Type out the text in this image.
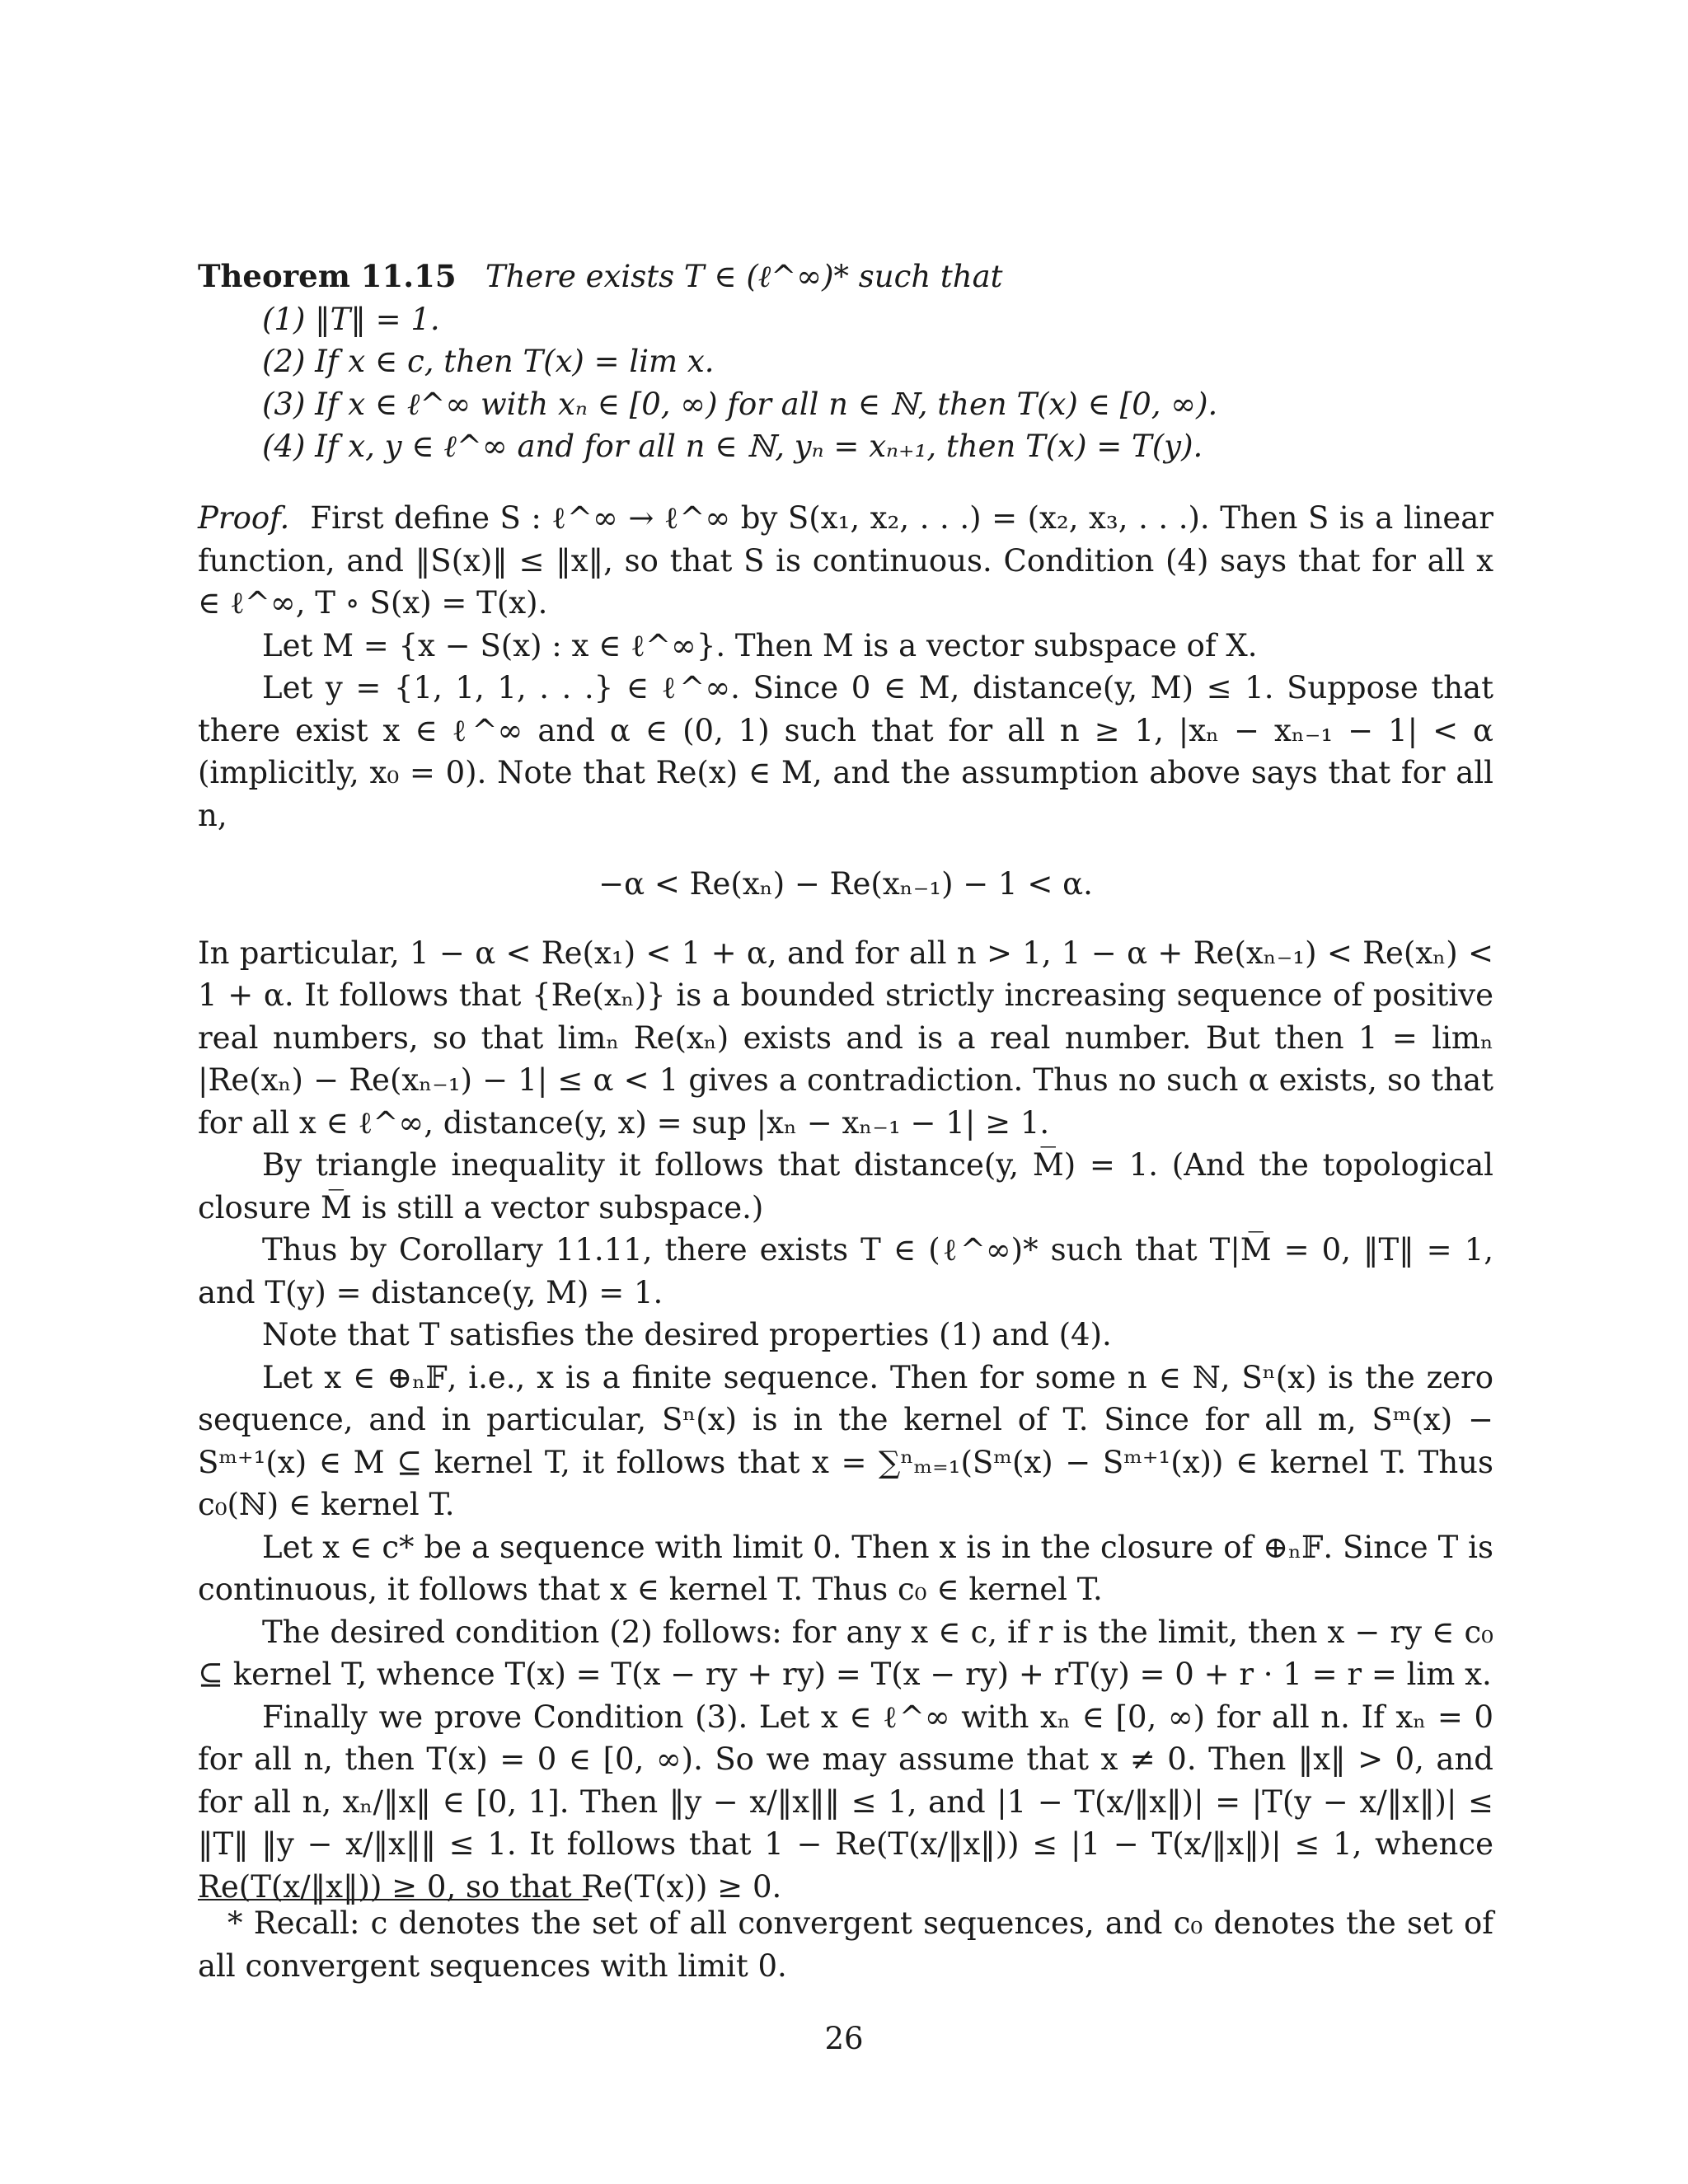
Theorem 11.15 There exists T ∈ (ℓ^∞)* such that

(1) ‖T‖ = 1.

(2) If x ∈ c, then T(x) = lim x.

(3) If x ∈ ℓ^∞ with xₙ ∈ [0, ∞) for all n ∈ ℕ, then T(x) ∈ [0, ∞).

(4) If x, y ∈ ℓ^∞ and for all n ∈ ℕ, yₙ = xₙ₊₁, then T(x) = T(y).

Proof. First define S : ℓ^∞ → ℓ^∞ by S(x₁, x₂, . . .) = (x₂, x₃, . . .). Then S is a linear function, and ‖S(x)‖ ≤ ‖x‖, so that S is continuous. Condition (4) says that for all x ∈ ℓ^∞, T ∘ S(x) = T(x).

Let M = {x − S(x) : x ∈ ℓ^∞}. Then M is a vector subspace of X.

Let y = {1, 1, 1, . . .} ∈ ℓ^∞. Since 0 ∈ M, distance(y, M) ≤ 1. Suppose that there exist x ∈ ℓ^∞ and α ∈ (0, 1) such that for all n ≥ 1, |xₙ − xₙ₋₁ − 1| < α (implicitly, x₀ = 0). Note that Re(x) ∈ M, and the assumption above says that for all n,

−α < Re(xₙ) − Re(xₙ₋₁) − 1 < α.

In particular, 1 − α < Re(x₁) < 1 + α, and for all n > 1, 1 − α + Re(xₙ₋₁) < Re(xₙ) < 1 + α. It follows that {Re(xₙ)} is a bounded strictly increasing sequence of positive real numbers, so that limₙ Re(xₙ) exists and is a real number. But then 1 = limₙ |Re(xₙ) − Re(xₙ₋₁) − 1| ≤ α < 1 gives a contradiction. Thus no such α exists, so that for all x ∈ ℓ^∞, distance(y, x) = sup |xₙ − xₙ₋₁ − 1| ≥ 1.

By triangle inequality it follows that distance(y, M̅) = 1. (And the topological closure M̅ is still a vector subspace.)

Thus by Corollary 11.11, there exists T ∈ (ℓ^∞)* such that T|M̅ = 0, ‖T‖ = 1, and T(y) = distance(y, M) = 1.

Note that T satisfies the desired properties (1) and (4).

Let x ∈ ⊕ₙ𝔽, i.e., x is a finite sequence. Then for some n ∈ ℕ, Sⁿ(x) is the zero sequence, and in particular, Sⁿ(x) is in the kernel of T. Since for all m, Sᵐ(x) − Sᵐ⁺¹(x) ∈ M ⊆ kernel T, it follows that x = ∑ⁿₘ₌₁(Sᵐ(x) − Sᵐ⁺¹(x)) ∈ kernel T. Thus c₀(ℕ) ∈ kernel T.

Let x ∈ c* be a sequence with limit 0. Then x is in the closure of ⊕ₙ𝔽. Since T is continuous, it follows that x ∈ kernel T. Thus c₀ ∈ kernel T.

The desired condition (2) follows: for any x ∈ c, if r is the limit, then x − ry ∈ c₀ ⊆ kernel T, whence T(x) = T(x − ry + ry) = T(x − ry) + rT(y) = 0 + r · 1 = r = lim x.

Finally we prove Condition (3). Let x ∈ ℓ^∞ with xₙ ∈ [0, ∞) for all n. If xₙ = 0 for all n, then T(x) = 0 ∈ [0, ∞). So we may assume that x ≠ 0. Then ‖x‖ > 0, and for all n, xₙ/‖x‖ ∈ [0, 1]. Then ‖y − x/‖x‖‖ ≤ 1, and |1 − T(x/‖x‖)| = |T(y − x/‖x‖)| ≤ ‖T‖ ‖y − x/‖x‖‖ ≤ 1. It follows that 1 − Re(T(x/‖x‖)) ≤ |1 − T(x/‖x‖)| ≤ 1, whence Re(T(x/‖x‖)) ≥ 0, so that Re(T(x)) ≥ 0.

* Recall: c denotes the set of all convergent sequences, and c₀ denotes the set of all convergent sequences with limit 0.

26
